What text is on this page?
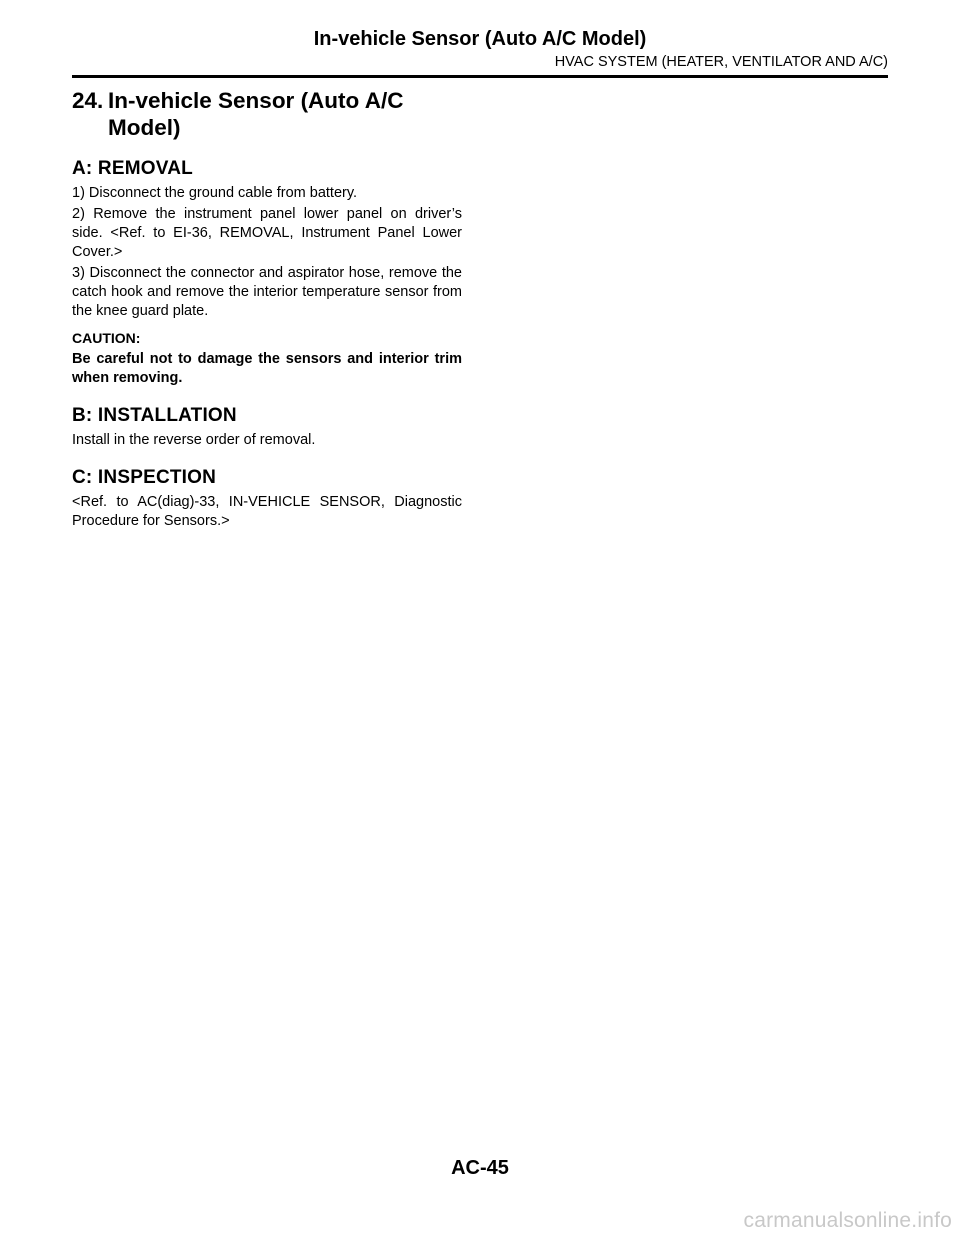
In-vehicle Sensor (Auto A/C Model)
HVAC SYSTEM (HEATER, VENTILATOR AND A/C)
24. In-vehicle Sensor (Auto A/C Model)
A: REMOVAL

1) Disconnect the ground cable from battery.

2) Remove the instrument panel lower panel on driver’s side. <Ref. to EI-36, REMOVAL, Instrument Panel Lower Cover.>

3) Disconnect the connector and aspirator hose, remove the catch hook and remove the interior temperature sensor from the knee guard plate.

CAUTION:

Be careful not to damage the sensors and interior trim when removing.

B: INSTALLATION

Install in the reverse order of removal.

C: INSPECTION

<Ref. to AC(diag)-33, IN-VEHICLE SENSOR, Diagnostic Procedure for Sensors.>

AC-45
carmanualsonline.info
